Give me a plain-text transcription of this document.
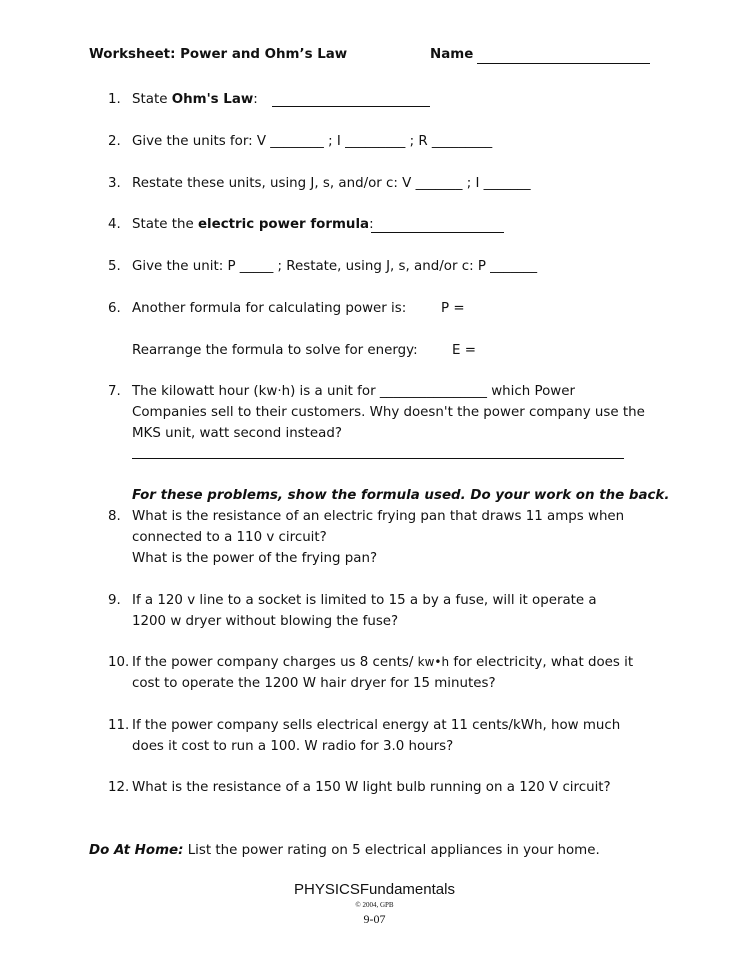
Worksheet: Power and Ohm’s Law	Name
1. State Ohm's Law:
2. Give the units for: V ________ ; I _________ ; R _________
3. Restate these units, using J, s, and/or c: V _______ ; I _______
4. State the electric power formula:
5. Give the unit: P _____ ; Restate, using J, s, and/or c: P _______
6. Another formula for calculating power is:	P =
Rearrange the formula to solve for energy:	E =
7. The kilowatt hour (kw·h) is a unit for ________________ which Power
Companies sell to their customers. Why doesn't the power company use the
MKS unit, watt second instead?
For these problems, show the formula used. Do your work on the back.
8. What is the resistance of an electric frying pan that draws 11 amps when
connected to a 110 v circuit?
What is the power of the frying pan?
9. If a 120 v line to a socket is limited to 15 a by a fuse, will it operate a
1200 w dryer without blowing the fuse?
10. If the power company charges us 8 cents/ kw•h for electricity, what does it
cost to operate the 1200 W hair dryer for 15 minutes?
11. If the power company sells electrical energy at 11 cents/kWh, how much
does it cost to run a 100. W radio for 3.0 hours?
12. What is the resistance of a 150 W light bulb running on a 120 V circuit?
Do At Home: List the power rating on 5 electrical appliances in your home.
PHYSICSFundamentals
© 2004, GPB
9-07
